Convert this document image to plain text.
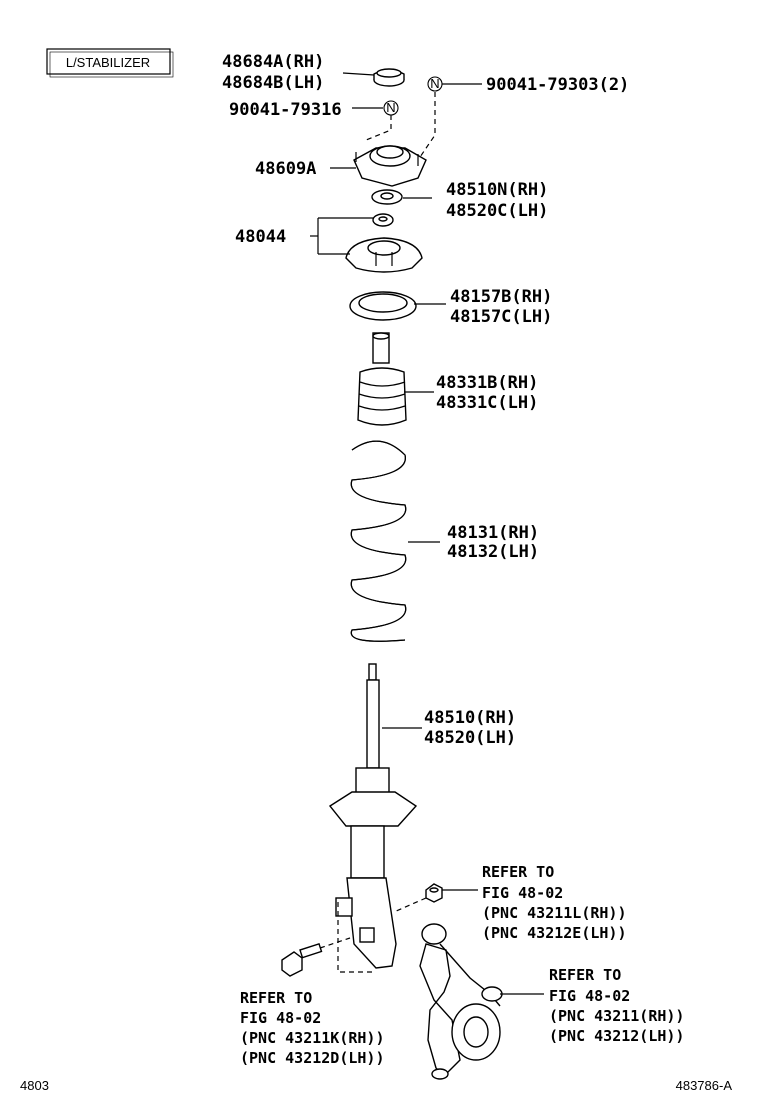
L/STABILIZER
N
N
48684A(RH)
48684B(LH)	90041-79303(2)
90041-79316
48609A
48510N(RH)
48520C(LH)
48044
48157B(RH)
48157C(LH)
48331B(RH)
48331C(LH)
48131(RH)
48132(LH)
48510(RH)
48520(LH)
REFER TO
FIG 48-02
(PNC 43211L(RH))
(PNC 43212E(LH))
REFER TO
FIG 48-02
(PNC 43211(RH))
(PNC 43212(LH))
REFER TO
FIG 48-02
(PNC 43211K(RH))
(PNC 43212D(LH))
4803	483786-A
